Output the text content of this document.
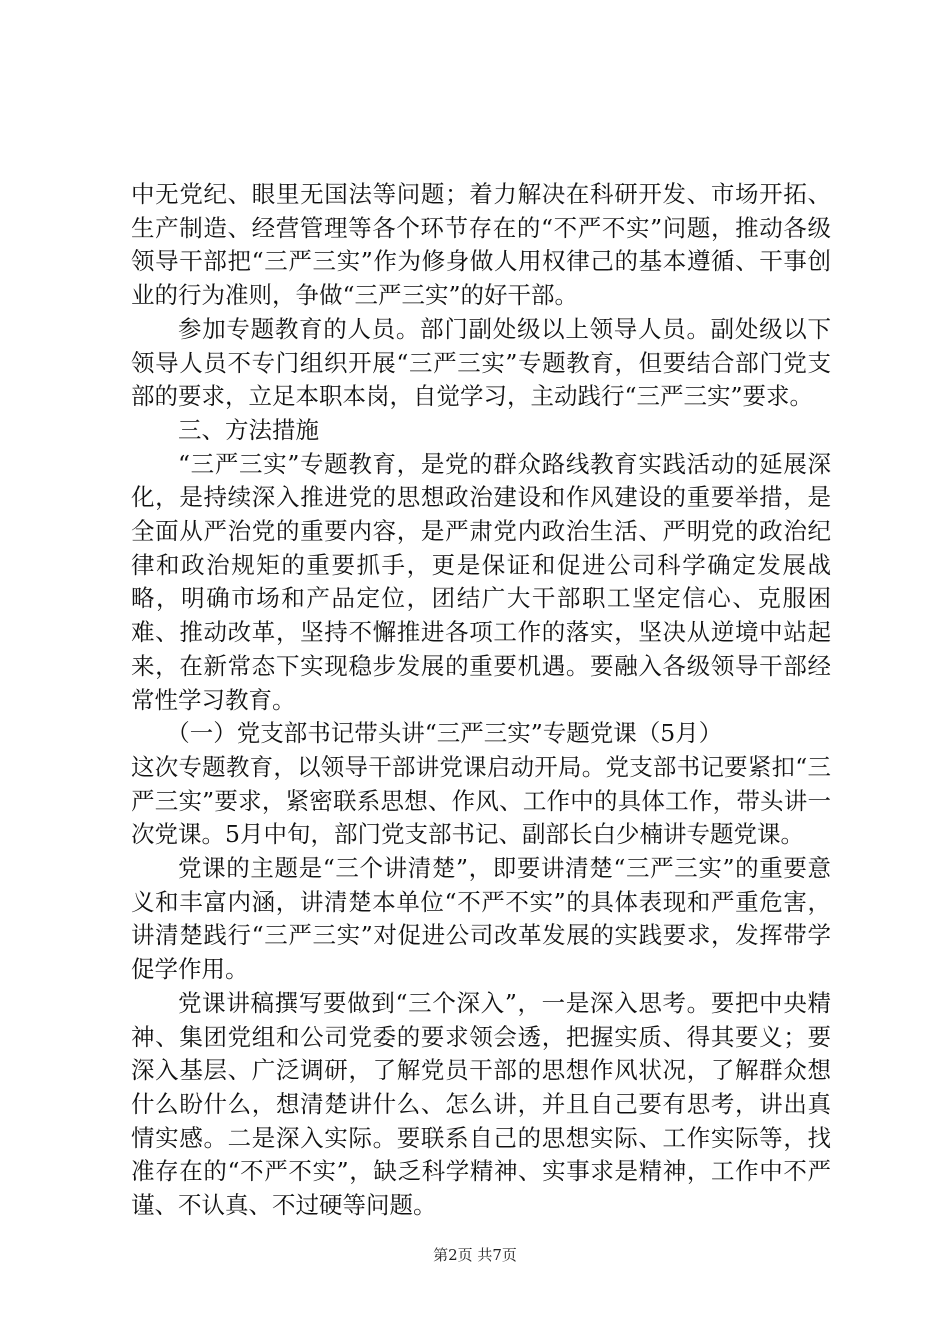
中无党纪、眼里无国法等问题；着力解决在科研开发、市场开拓、生产制造、经营管理等各个环节存在的“不严不实”问题，推动各级领导干部把“三严三实”作为修身做人用权律己的基本遵循、干事创业的行为准则，争做“三严三实”的好干部。

参加专题教育的人员。部门副处级以上领导人员。副处级以下领导人员不专门组织开展“三严三实”专题教育，但要结合部门党支部的要求，立足本职本岗，自觉学习，主动践行“三严三实”要求。

三、方法措施

“三严三实”专题教育，是党的群众路线教育实践活动的延展深化，是持续深入推进党的思想政治建设和作风建设的重要举措，是全面从严治党的重要内容，是严肃党内政治生活、严明党的政治纪律和政治规矩的重要抓手，更是保证和促进公司科学确定发展战略，明确市场和产品定位，团结广大干部职工坚定信心、克服困难、推动改革，坚持不懈推进各项工作的落实，坚决从逆境中站起来，在新常态下实现稳步发展的重要机遇。要融入各级领导干部经常性学习教育。

（一）党支部书记带头讲“三严三实”专题党课（5月）

这次专题教育，以领导干部讲党课启动开局。党支部书记要紧扣“三严三实”要求，紧密联系思想、作风、工作中的具体工作，带头讲一次党课。5月中旬，部门党支部书记、副部长白少楠讲专题党课。

党课的主题是“三个讲清楚”，即要讲清楚“三严三实”的重要意义和丰富内涵，讲清楚本单位“不严不实”的具体表现和严重危害，讲清楚践行“三严三实”对促进公司改革发展的实践要求，发挥带学促学作用。

党课讲稿撰写要做到“三个深入”，一是深入思考。要把中央精神、集团党组和公司党委的要求领会透，把握实质、得其要义；要深入基层、广泛调研，了解党员干部的思想作风状况，了解群众想什么盼什么，想清楚讲什么、怎么讲，并且自己要有思考，讲出真情实感。二是深入实际。要联系自己的思想实际、工作实际等，找准存在的“不严不实”，缺乏科学精神、实事求是精神，工作中不严谨、不认真、不过硬等问题。

第2页 共7页
